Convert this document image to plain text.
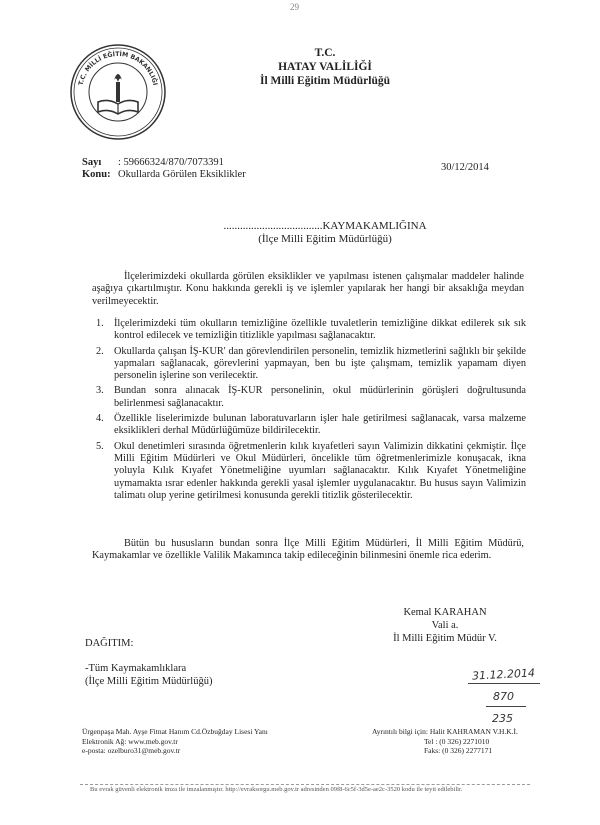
29
T.C. MİLLİ EĞİTİM BAKANLIĞI
T.C.
HATAY VALİLİĞİ
İl Milli Eğitim Müdürlüğü
Sayı : 59666324/870/7073391
Konu: Okullarda Görülen Eksiklikler
30/12/2014
....................................KAYMAKAMLIĞINA
(İlçe Milli Eğitim Müdürlüğü)
İlçelerimizdeki okullarda görülen eksiklikler ve yapılması istenen çalışmalar maddeler halinde aşağıya çıkartılmıştır. Konu hakkında gerekli iş ve işlemler yapılarak her hangi bir aksaklığa meydan verilmeyecektir.
1. İlçelerimizdeki tüm okulların temizliğine özellikle tuvaletlerin temizliğine dikkat edilerek sık sık kontrol edilecek ve temizliğin titizlikle yapılması sağlanacaktır.
2. Okullarda çalışan İŞ-KUR' dan görevlendirilen personelin, temizlik hizmetlerini sağlıklı bir şekilde yapmaları sağlanacak, görevlerini yapmayan, ben bu işte çalışmam, temizlik yapamam diyen personelin işlerine son verilecektir.
3. Bundan sonra alınacak İŞ-KUR personelinin, okul müdürlerinin görüşleri doğrultusunda belirlenmesi sağlanacaktır.
4. Özellikle liselerimizde bulunan laboratuvarların işler hale getirilmesi sağlanacak, varsa malzeme eksiklikleri derhal Müdürlüğümüze bildirilecektir.
5. Okul denetimleri sırasında öğretmenlerin kılık kıyafetleri sayın Valimizin dikkatini çekmiştir. İlçe Milli Eğitim Müdürleri ve Okul Müdürleri, öncelikle tüm öğretmenlerimizle konuşacak, ikna yoluyla Kılık Kıyafet Yönetmeliğine uyumları sağlanacaktır. Kılık Kıyafet Yönetmeliğine uymamakta ısrar edenler hakkında gerekli yasal işlemler uygulanacaktır. Bu husus sayın Valimizin talimatı olup yerine getirilmesi konusunda gerekli titizlik gösterilecektir.
Bütün bu hususların bundan sonra İlçe Milli Eğitim Müdürleri, İl Milli Eğitim Müdürü, Kaymakamlar ve özellikle Valilik Makamınca takip edileceğinin bilinmesini önemle rica ederim.
Kemal KARAHAN
Vali a.
İl Milli Eğitim Müdür V.
DAĞITIM:
-Tüm Kaymakamlıklara
(İlçe Milli Eğitim Müdürlüğü)	31.12.2014
870
235
Ürgenpaşa Mah. Ayşe Fitnat Hanım Cd.Özbuğday Lisesi Yanı
Elektronik Ağ: www.meb.gov.tr
e-posta: ozelburo31@meb.gov.tr
Ayrıntılı bilgi için: Halit KAHRAMAN V.H.K.İ.
Tel : (0 326) 2271010
Faks: (0 326) 2277171
Bu evrak güvenli elektronik imza ile imzalanmıştır. http://evraksorgu.meb.gov.tr adresinden 09f8-6c5f-3d5e-ae2c-3520 kodu ile teyit edilebilir.
